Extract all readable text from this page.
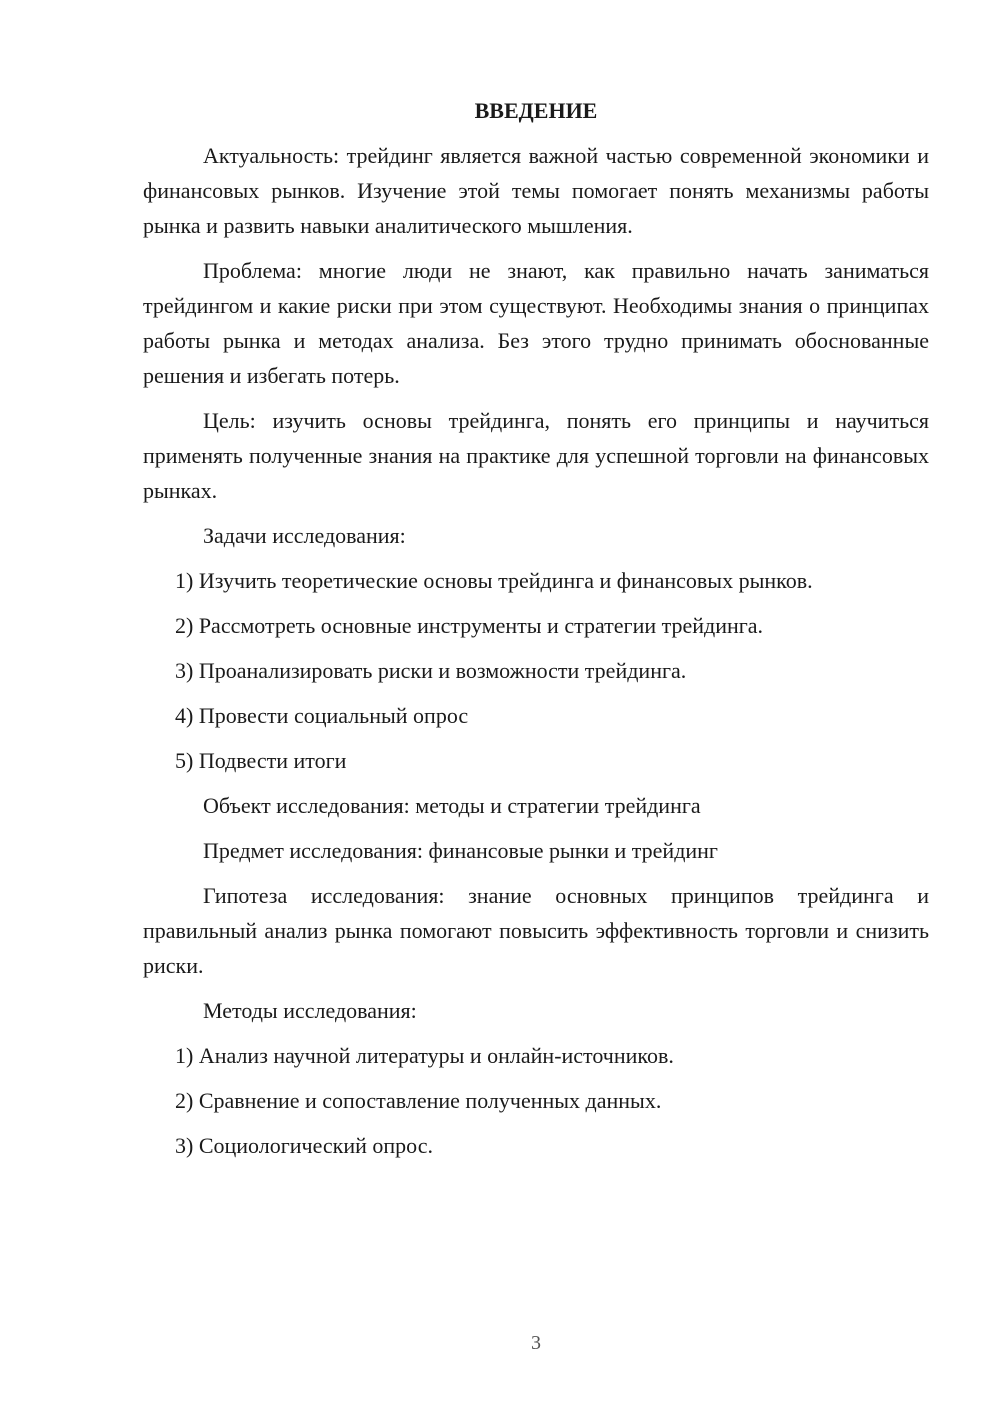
ВВЕДЕНИЕ

Актуальность: трейдинг является важной частью современной экономики и финансовых рынков. Изучение этой темы помогает понять механизмы работы рынка и развить навыки аналитического мышления.

Проблема: многие люди не знают, как правильно начать заниматься трейдингом и какие риски при этом существуют. Необходимы знания о принципах работы рынка и методах анализа. Без этого трудно принимать обоснованные решения и избегать потерь.

Цель: изучить основы трейдинга, понять его принципы и научиться применять полученные знания на практике для успешной торговли на финансовых рынках.

Задачи исследования:
1) Изучить теоретические основы трейдинга и финансовых рынков.
2) Рассмотреть основные инструменты и стратегии трейдинга.
3) Проанализировать риски и возможности трейдинга.
4) Провести социальный опрос
5) Подвести итоги
Объект исследования: методы и стратегии трейдинга
Предмет исследования: финансовые рынки и трейдинг

Гипотеза исследования: знание основных принципов трейдинга и правильный анализ рынка помогают повысить эффективность торговли и снизить риски.

Методы исследования:
1) Анализ научной литературы и онлайн-источников.
2) Сравнение и сопоставление полученных данных.
3) Социологический опрос.
3
